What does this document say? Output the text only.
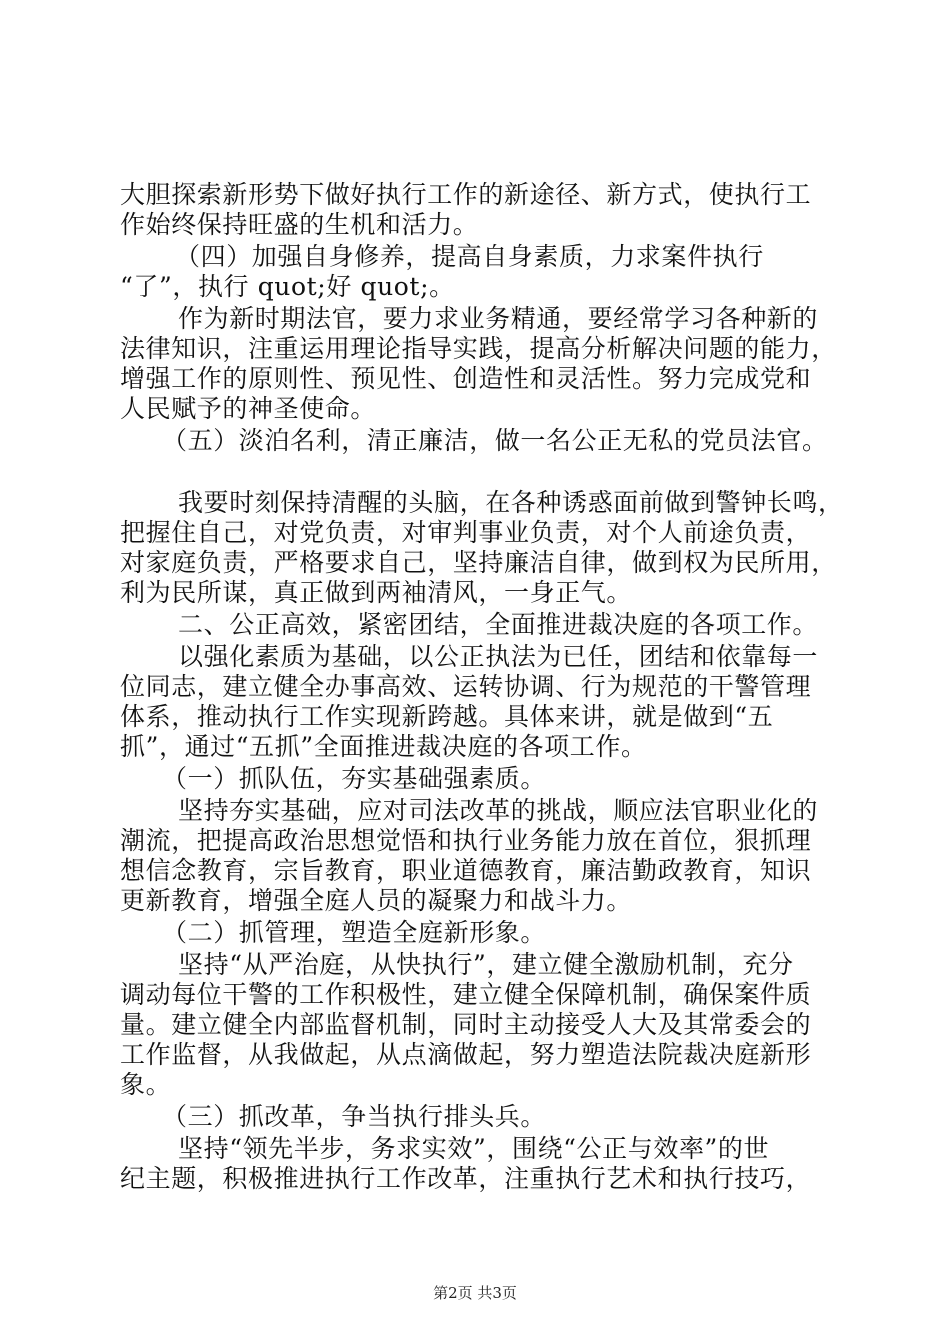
大胆探索新形势下做好执行工作的新途径、新方式，使执行工
作始终保持旺盛的生机和活力。
（四）加强自身修养，提高自身素质，力求案件执行
“了”，执行 quot;好 quot;。
作为新时期法官，要力求业务精通，要经常学习各种新的
法律知识，注重运用理论指导实践，提高分析解决问题的能力，
增强工作的原则性、预见性、创造性和灵活性。努力完成党和
人民赋予的神圣使命。
（五）淡泊名利，清正廉洁，做一名公正无私的党员法官。
我要时刻保持清醒的头脑，在各种诱惑面前做到警钟长鸣，
把握住自己，对党负责，对审判事业负责，对个人前途负责，
对家庭负责，严格要求自己，坚持廉洁自律，做到权为民所用，
利为民所谋，真正做到两袖清风，一身正气。
二、公正高效，紧密团结，全面推进裁决庭的各项工作。
以强化素质为基础，以公正执法为已任，团结和依靠每一
位同志，建立健全办事高效、运转协调、行为规范的干警管理
体系，推动执行工作实现新跨越。具体来讲，就是做到“五
抓”，通过“五抓”全面推进裁决庭的各项工作。
（一）抓队伍，夯实基础强素质。
坚持夯实基础，应对司法改革的挑战，顺应法官职业化的
潮流，把提高政治思想觉悟和执行业务能力放在首位，狠抓理
想信念教育，宗旨教育，职业道德教育，廉洁勤政教育，知识
更新教育，增强全庭人员的凝聚力和战斗力。
（二）抓管理，塑造全庭新形象。
坚持“从严治庭，从快执行”，建立健全激励机制，充分
调动每位干警的工作积极性，建立健全保障机制，确保案件质
量。建立健全内部监督机制，同时主动接受人大及其常委会的
工作监督，从我做起，从点滴做起，努力塑造法院裁决庭新形
象。
（三）抓改革，争当执行排头兵。
坚持“领先半步，务求实效”，围绕“公正与效率”的世
纪主题，积极推进执行工作改革，注重执行艺术和执行技巧，
第2页 共3页
